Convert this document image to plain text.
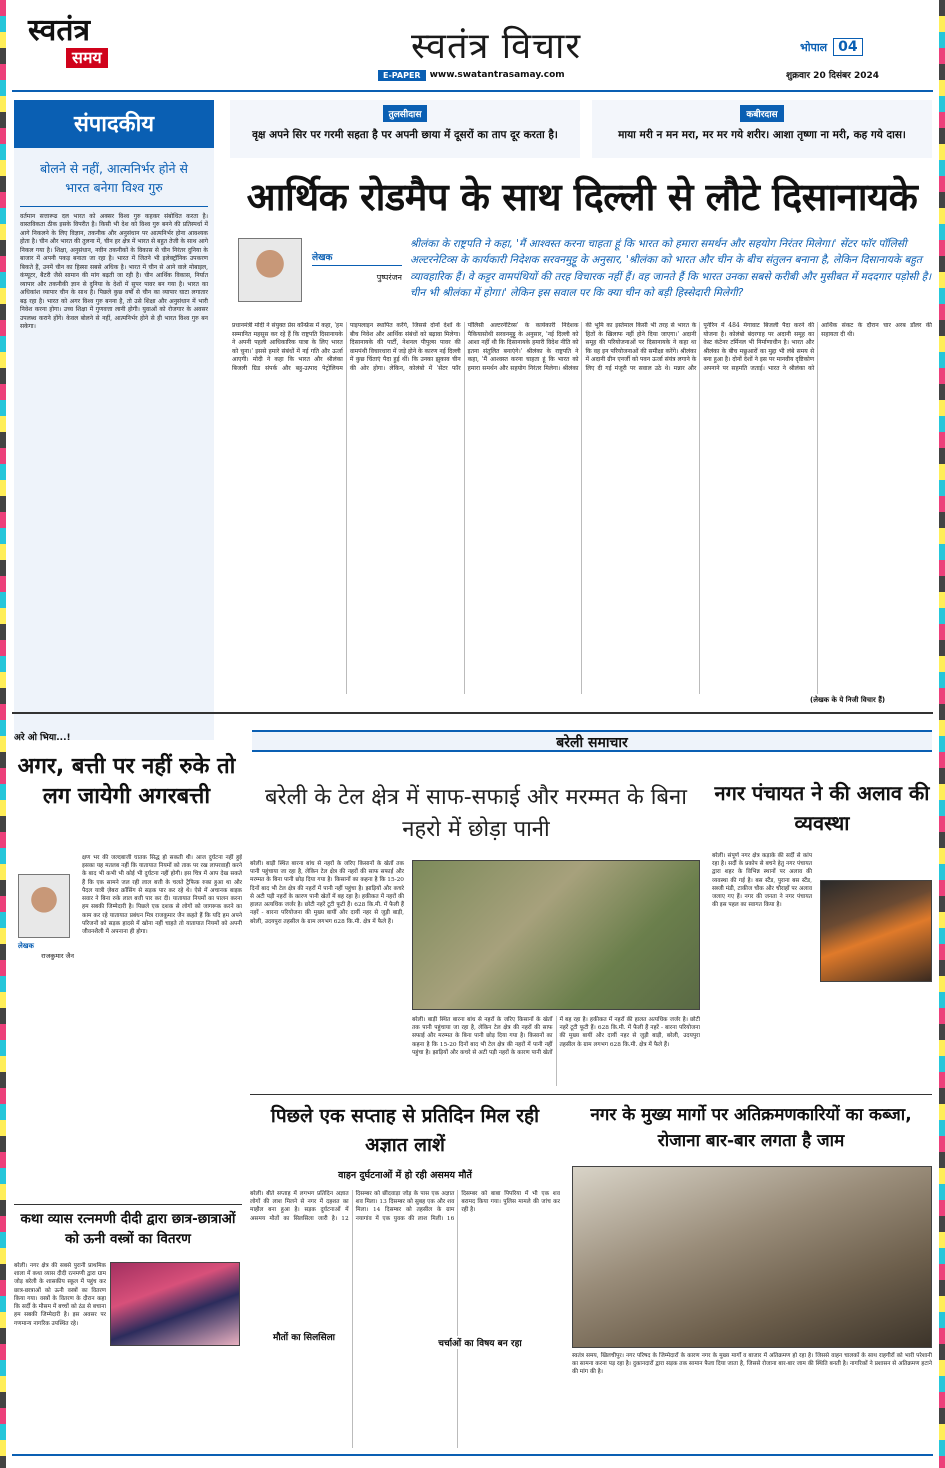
स्वतंत्र
समय	स्वतंत्र विचार
E-PAPER	www.swatantrasamay.com
भोपाल 04
शुक्रवार 20 दिसंबर 2024
संपादकीय
बोलने से नहीं, आत्मनिर्भर होने से भारत बनेगा विश्व गुरु
वर्तमान सत्तारूढ दल भारत को अक्सर विश्व गुरु कहकर संबोधित करता है। वास्तविकता ठीक इसके विपरीत है। किसी भी देश को विश्व गुरु बनने की प्रतिस्पर्धा में आगे निकलने के लिए विज्ञान, तकनीक और अनुसंधान पर आत्मनिर्भर होना आवश्यक होता है। चीन और भारत की तुलना में, चीन हर क्षेत्र में भारत से बहुत तेजी के साथ आगे निकल गया है। शिक्षा, अनुसंधान, नवीन तकनीकों के विकास से चीन निरंतर दुनिया के बाजार में अपनी पकड़ बनाता जा रहा है। भारत में जितने भी इलेक्ट्रॉनिक उपकरण बिकते हैं, उनमें चीन का हिस्सा सबसे अधिक है। भारत में चीन से आने वाले मोबाइल, कंप्यूटर, बैटरी जैसे सामान की मांग बढ़ती जा रही है। चीन आर्थिक विकास, निर्यात व्यापार और तकनीकी ज्ञान से दुनिया के देशों में सुपर पावर बन गया है। भारत का अधिकांश व्यापार चीन के साथ है। पिछले कुछ वर्षों से चीन का व्यापार घाटा लगातार बढ़ रहा है। भारत को अगर विश्व गुरु बनना है, तो उसे शिक्षा और अनुसंधान में भारी निवेश करना होगा। उच्च शिक्षा में गुणवत्ता लानी होगी। युवाओं को रोजगार के अवसर उपलब्ध कराने होंगे। केवल बोलने से नहीं, आत्मनिर्भर होने से ही भारत विश्व गुरु बन सकेगा।
तुलसीदास
वृक्ष अपने सिर पर गरमी सहता है पर अपनी छाया में दूसरों का ताप दूर करता है।
कबीरदास
माया मरी न मन मरा, मर मर गये शरीर। आशा तृष्णा ना मरी, कह गये दास।
आर्थिक रोडमैप के साथ दिल्ली से लौटे दिसानायके
लेखक
पुष्परंजन
श्रीलंका के राष्ट्रपति ने कहा, 'मैं आश्वस्त करना चाहता हूं कि भारत को हमारा समर्थन और सहयोग निरंतर मिलेगा।' सेंटर फॉर पॉलिसी अल्टरनेटिव्स के कार्यकारी निदेशक सरवनमुट्टू के अनुसार, 'श्रीलंका को भारत और चीन के बीच संतुलन बनाना है, लेकिन दिसानायके बहुत व्यावहारिक हैं। वे कट्टर वामपंथियों की तरह विचारक नहीं हैं। वह जानते हैं कि भारत उनका सबसे करीबी और मुसीबत में मददगार पड़ोसी है। चीन भी श्रीलंका में होगा।' लेकिन इस सवाल पर कि क्या चीन को बड़ी हिस्सेदारी मिलेगी?
प्रधानमंत्री मोदी ने संयुक्त प्रेस कॉन्फ्रेंस में कहा, 'हम सम्मानित महसूस कर रहे हैं कि राष्ट्रपति दिसानायके ने अपनी पहली आधिकारिक यात्रा के लिए भारत को चुना।' इससे हमारे संबंधों में नई गति और ऊर्जा आएगी। मोदी ने कहा कि भारत और श्रीलंका बिजली ग्रिड संपर्क और बहु-उत्पाद पेट्रोलियम पाइपलाइन स्थापित करेंगे, जिससे दोनों देशों के बीच निवेश और आर्थिक संबंधों को बढ़ावा मिलेगा। दिसानायके की पार्टी, नेशनल पीपुल्स पावर की वामपंथी विचारधारा में जड़े होने के कारण नई दिल्ली में कुछ चिंताएं पैदा हुई थीं। कि उनका झुकाव चीन की ओर होगा। लेकिन, कोलंबो में 'सेंटर फॉर पॉलिसी अल्टरनेटिव्स' के कार्यकारी निदेशक पैकियासोथी सरवनमुट्टू के अनुसार, 'नई दिल्ली को आशा नहीं थी कि दिसानायके हमारी विदेश नीति को इतना संतुलित बनाएंगे।' श्रीलंका के राष्ट्रपति ने कहा, 'मैं आश्वस्त करना चाहता हूं कि भारत को हमारा समर्थन और सहयोग निरंतर मिलेगा। श्रीलंका की भूमि का इस्तेमाल किसी भी तरह से भारत के हितों के खिलाफ नहीं होने दिया जाएगा।' अदानी समूह की परियोजनाओं पर दिसानायके ने कहा था कि वह इन परियोजनाओं की समीक्षा करेंगे। श्रीलंका में अदानी ग्रीन एनर्जी को पवन ऊर्जा संयंत्र लगाने के लिए दी गई मंजूरी पर सवाल उठे थे। मन्नार और पूनेरिन में 484 मेगावाट बिजली पैदा करने की योजना है। कोलंबो बंदरगाह पर अदानी समूह का वेस्ट कंटेनर टर्मिनल भी निर्माणाधीन है। भारत और श्रीलंका के बीच मछुआरों का मुद्दा भी लंबे समय से बना हुआ है। दोनों देशों ने इस पर मानवीय दृष्टिकोण अपनाने पर सहमति जताई। भारत ने श्रीलंका को आर्थिक संकट के दौरान चार अरब डॉलर की सहायता दी थी।
(लेखक के ये निजी विचार हैं)
अरे ओ भिया...!
अगर, बत्ती पर नहीं रुके तो लग जायेगी अगरबत्ती
लेखक
राजकुमार जैन
क्षण भर की जल्दबाजी घातक सिद्ध हो सकती थी। आज दुर्घटना नहीं हुई इसका यह मतलब नहीं कि यातायात नियमों को ताक पर रख लापरवाही करने के बाद भी कभी भी कोई भी दुर्घटना नहीं होगी। इस चित्र में आप देख सकते हैं कि एक सामने जल रही लाल बत्ती के चलते ट्रैफिक रुका हुआ था और पैदल यात्री ज़ेबरा क्रॉसिंग से सड़क पार कर रहे थे। ऐसे में अचानक बाइक सवार ने बिना रुके लाल बत्ती पार कर दी। यातायात नियमों का पालन करना हम सबकी जिम्मेदारी है। पिछले एक दशक से लोगों को जागरूक करने का काम कर रहे यातायात प्रबंधन मित्र राजकुमार जैन कहते हैं कि यदि हम अपने परिजनों को सड़क हादसे में खोना नहीं चाहते तो यातायात नियमों को अपनी जीवनशैली में अपनाना ही होगा।
कथा व्यास रत्नमणी दीदी द्वारा छात्र-छात्राओं को ऊनी वस्त्रों का वितरण
बरेली। नगर क्षेत्र की सबसे पुरानी प्राथमिक शाला में कथा व्यास दीदी रत्नमणी द्वारा ग्राम जोड़ बरेली के शासकीय स्कूल में पहुंच कर छात्र-छात्राओं को ऊनी वस्त्रों का वितरण किया गया। वस्त्रों के वितरण के दौरान कहा कि सर्दी के मौसम में बच्चों को ठंड से बचाना हम सबकी जिम्मेदारी है। इस अवसर पर गणमान्य नागरिक उपस्थित रहे।
बरेली समाचार
बरेली के टेल क्षेत्र में साफ-सफाई और मरम्मत के बिना नहरो में छोड़ा पानी
बरेली। बाड़ी स्थित बारना बांध से नहरों के जरिए किसानों के खेतों तक पानी पहुंचाया जा रहा है, लेकिन टेल क्षेत्र की नहरों की साफ सफाई और मरम्मत के बिना पानी छोड़ दिया गया है। किसानों का कहना है कि 15-20 दिनों बाद भी टेल क्षेत्र की नहरों में पानी नहीं पहुंचा है। झाड़ियों और कचरे से अटी पड़ी नहरों के कारण पानी खेतों में बह रहा है। हकीकत में नहरों की हालत अत्यधिक जर्जर है। छोटी नहरें टूटी फूटी हैं। 628 कि.मी. में फैली हैं नहरें - बारना परियोजना की मुख्य बायीं और दायीं नहर से जुड़ी बाड़ी, बरेली, उदयपुरा तहसील के ग्राम लगभग 628 कि.मी. क्षेत्र में फैले हैं।
बरेली। बाड़ी स्थित बारना बांध से नहरों के जरिए किसानों के खेतों तक पानी पहुंचाया जा रहा है, लेकिन टेल क्षेत्र की नहरों की साफ सफाई और मरम्मत के बिना पानी छोड़ दिया गया है। किसानों का कहना है कि 15-20 दिनों बाद भी टेल क्षेत्र की नहरों में पानी नहीं पहुंचा है। झाड़ियों और कचरे से अटी पड़ी नहरों के कारण पानी खेतों में बह रहा है। हकीकत में नहरों की हालत अत्यधिक जर्जर है। छोटी नहरें टूटी फूटी हैं। 628 कि.मी. में फैली हैं नहरें - बारना परियोजना की मुख्य बायीं और दायीं नहर से जुड़ी बाड़ी, बरेली, उदयपुरा तहसील के ग्राम लगभग 628 कि.मी. क्षेत्र में फैले हैं।
नगर पंचायत ने की अलाव की व्यवस्था
बरेली। संपूर्ण नगर क्षेत्र कड़ाके की सर्दी से कांप रहा है। सर्दी के प्रकोप से बचने हेतु नगर पंचायत द्वारा शहर के विभिन्न स्थानों पर अलाव की व्यवस्था की गई है। बस स्टैंड, पुराना बस स्टैंड, सब्जी मंडी, टाकीज चौक और चौराहों पर अलाव जलाए गए हैं। नगर की जनता ने नगर पंचायत की इस पहल का स्वागत किया है।
पिछले एक सप्ताह से प्रतिदिन मिल रही अज्ञात लाशें
वाहन दुर्घटनाओं में हो रही असमय मौतें
बरेली। बीते सप्ताह में लगभग प्रतिदिन अज्ञात लोगों की लाश मिलने से नगर में दहशत का माहौल बना हुआ है। सड़क दुर्घटनाओं में असमय मौतों का सिलसिला जारी है। 12 दिसम्बर को छींदवाड़ा जोड़ के पास एक अज्ञात शव मिला। 13 दिसम्बर को सुबह एक और शव मिला। 14 दिसम्बर को तहसील के ग्राम नयागांव में एक युवक की लाश मिली। 16 दिसम्बर को बाबा पिपरिया में भी एक शव बरामद किया गया। पुलिस मामले की जांच कर रही है।
मौतों का सिलसिला
चर्चाओं का विषय बन रहा
नगर के मुख्य मार्गो पर अतिक्रमणकारियों का कब्जा, रोजाना बार-बार लगता है जाम
स्वतंत्र समय, खिलचीपुर। नगर परिषद के जिम्मेदारों के कारण नगर के मुख्य मार्गों व बाजार में अतिक्रमण हो रहा है। जिससे वाहन चालकों के साथ राहगीरों को भारी परेशानी का सामना करना पड़ रहा है। दुकानदारों द्वारा सड़क तक सामान फैला दिया जाता है, जिससे रोजाना बार-बार जाम की स्थिति बनती है। नागरिकों ने प्रशासन से अतिक्रमण हटाने की मांग की है।
